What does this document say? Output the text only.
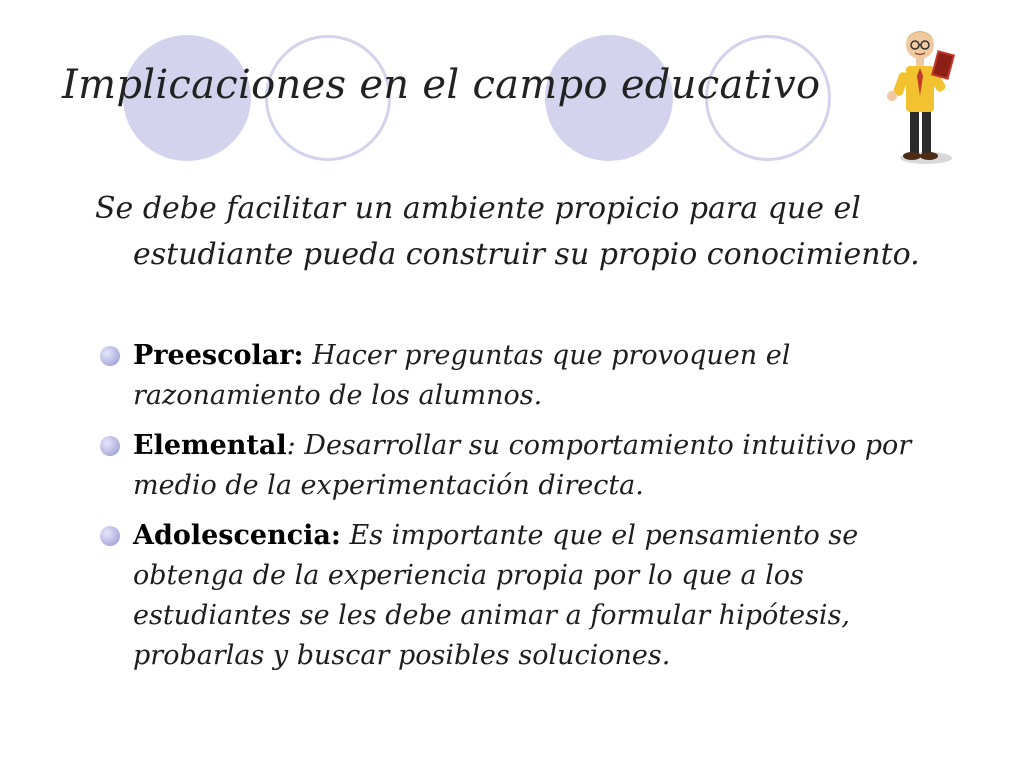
Implicaciones en el campo educativo
Se debe facilitar un ambiente propicio para que el estudiante pueda construir su propio conocimiento.
Preescolar: Hacer preguntas que provoquen el razonamiento de los alumnos.
Elemental: Desarrollar su comportamiento intuitivo por medio de la experimentación directa.
Adolescencia: Es importante que el pensamiento se obtenga de la experiencia propia por lo que a los estudiantes se les debe animar a formular hipótesis, probarlas y buscar posibles soluciones.
